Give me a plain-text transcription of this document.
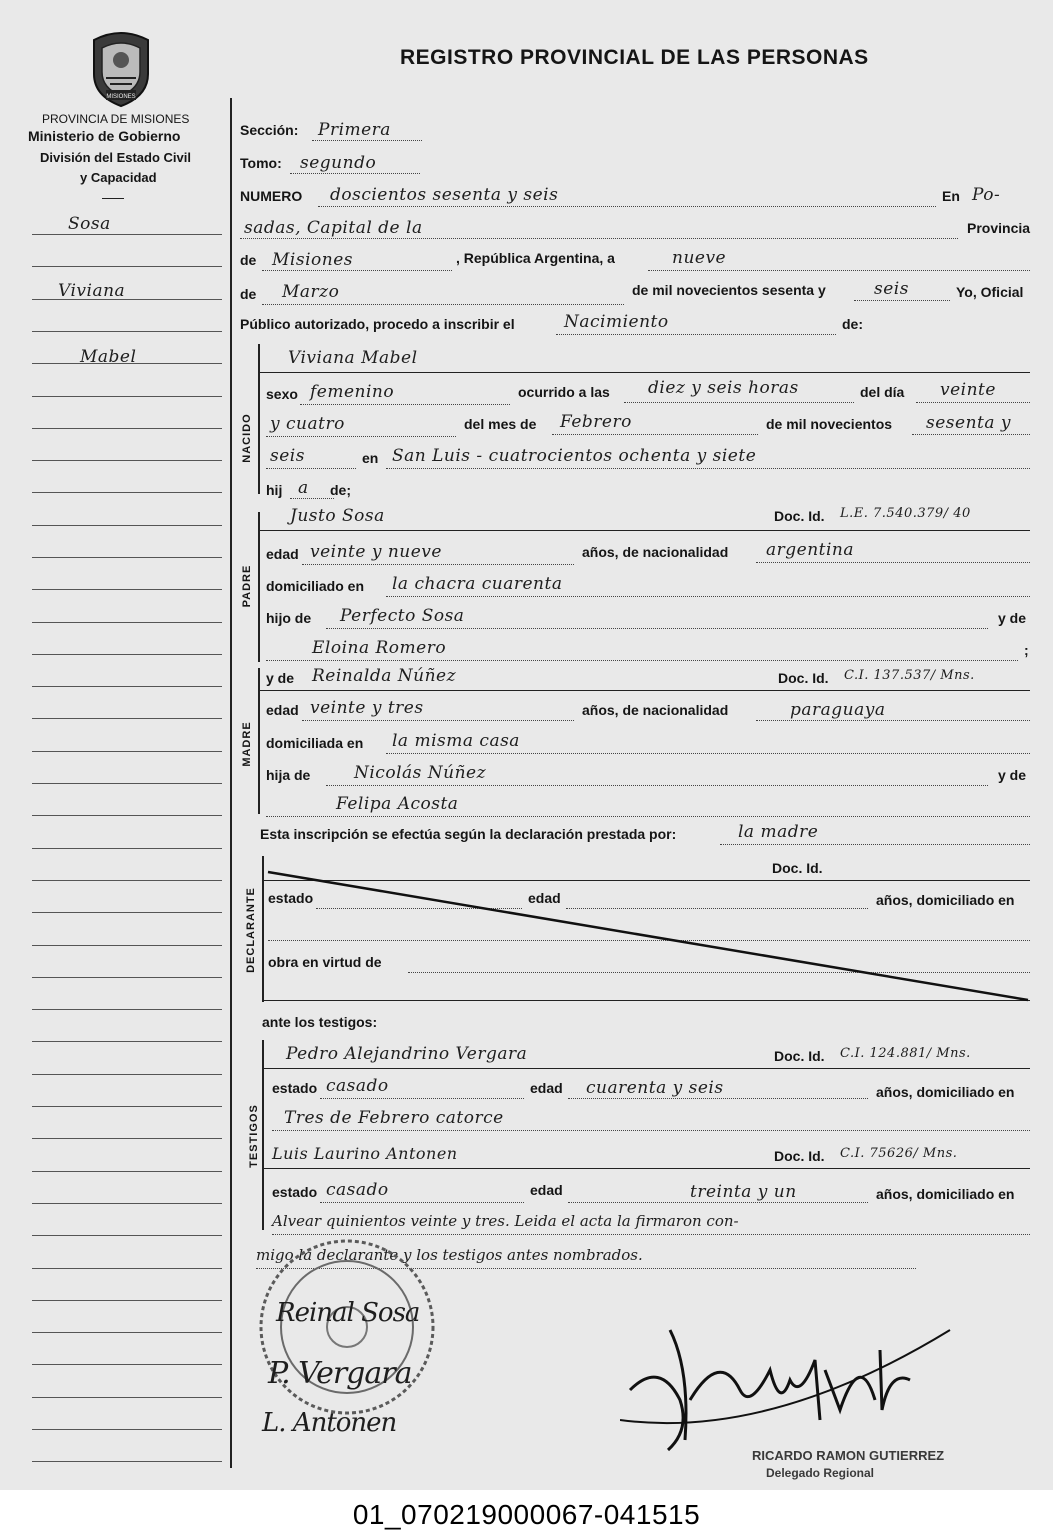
MISIONES
REGISTRO PROVINCIAL DE LAS PERSONAS
PROVINCIA DE MISIONES
Ministerio de Gobierno
División del Estado Civil
y Capacidad
Sosa
Viviana
Mabel
Sección: Primera
Tomo: segundo
NUMERO doscientos sesenta y seis	En Po-
sadas, Capital de la	Provincia
de Misiones	, República Argentina, a	nueve
de Marzo	de mil novecientos sesenta y	seis	Yo, Oficial
Público autorizado, procedo a inscribir el	Nacimiento	de:
NACIDO
Viviana Mabel
sexo femenino	ocurrido a las diez y seis horas	del día veinte
y cuatro	del mes de Febrero	de mil novecientos sesenta y
seis	en San Luis - cuatrocientos ochenta y siete
hij a de;
PADRE
Justo Sosa	Doc. Id. L.E. 7.540.379/ 40
edad veinte y nueve	años, de nacionalidad argentina
domiciliado en la chacra cuarenta
hijo de Perfecto Sosa	y de
Eloina Romero	;
MADRE
y de Reinalda Núñez	Doc. Id. C.I. 137.537/ Mns.
edad veinte y tres	años, de nacionalidad	paraguaya
domiciliada en la misma casa
hija de	Nicolás Núñez	y de
Felipa Acosta
Esta inscripción se efectúa según la declaración prestada por:	la madre
DECLARANTE
Doc. Id.
estado	edad	años, domiciliado en
obra en virtud de
ante los testigos:
TESTIGOS
Pedro Alejandrino Vergara	Doc. Id. C.I. 124.881/ Mns.
estado casado	edad cuarenta y seis	años, domiciliado en
Tres de Febrero catorce
Luis Laurino Antonen	Doc. Id. C.I. 75626/ Mns.
estado casado	edad	treinta y un	años, domiciliado en
Alvear quinientos veinte y tres. Leida el acta la firmaron con-
migo la declarante y los testigos antes nombrados.
Reinal Sosa
P. Vergara
L. Antonen
RICARDO RAMON GUTIERREZ
Delegado Regional
01_070219000067-041515
